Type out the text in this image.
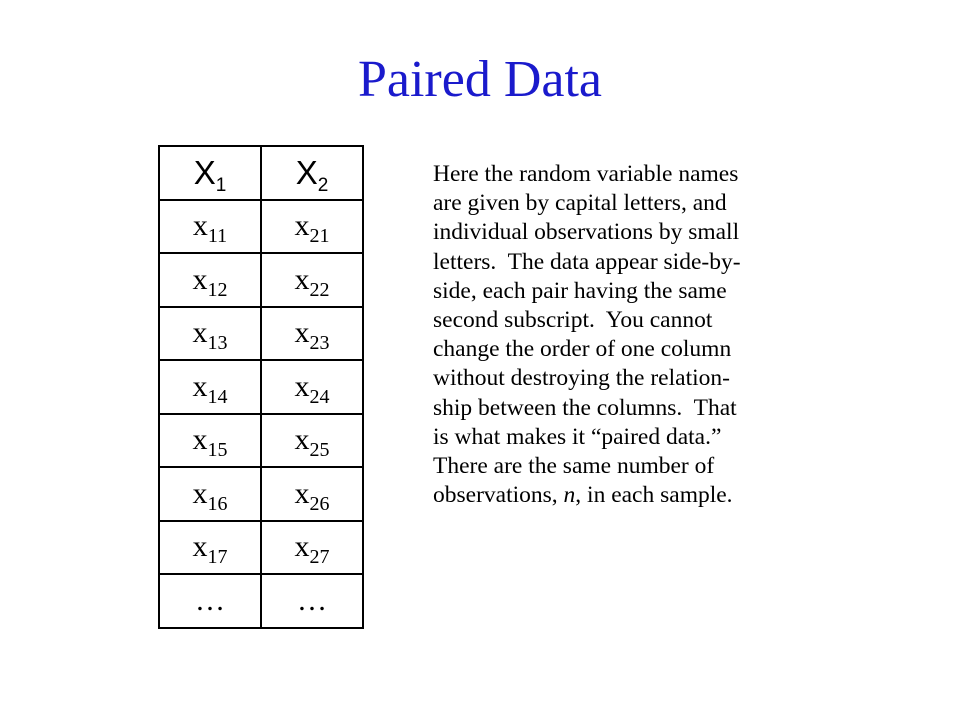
Paired Data
$X_1$	$X_2$
$x_{11}$	$x_{21}$
$x_{12}$	$x_{22}$
$x_{13}$	$x_{23}$
$x_{14}$	$x_{24}$
$x_{15}$	$x_{25}$
$x_{16}$	$x_{26}$
$x_{17}$	$x_{27}$
…	…

Here the random variable names
are given by capital letters, and
individual observations by small
letters.  The data appear side-by-
side, each pair having the same
second subscript.  You cannot
change the order of one column
without destroying the relation-
ship between the columns.  That
is what makes it “paired data.”
There are the same number of
observations, n, in each sample.
